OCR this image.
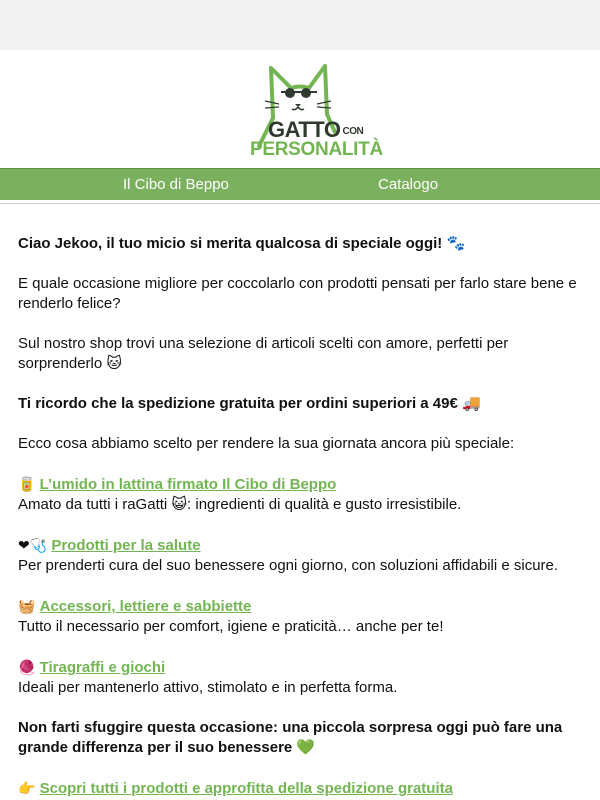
GATTO $^{CON}$
PERSONALITÀ
Il Cibo di Beppo	Catalogo

Ciao Jekoo, il tuo micio si merita qualcosa di speciale oggi! 🐾

E quale occasione migliore per coccolarlo con prodotti pensati per farlo stare bene e renderlo felice?

Sul nostro shop trovi una selezione di articoli scelti con amore, perfetti per sorprenderlo 🐱

Ti ricordo che la spedizione gratuita per ordini superiori a 49€ 🚚

Ecco cosa abbiamo scelto per rendere la sua giornata ancora più speciale:

🥫 L’umido in lattina firmato Il Cibo di Beppo

Amato da tutti i raGatti 😺: ingredienti di qualità e gusto irresistibile.

❤🩺 Prodotti per la salute

Per prenderti cura del suo benessere ogni giorno, con soluzioni affidabili e sicure.

🧺 Accessori, lettiere e sabbiette

Tutto il necessario per comfort, igiene e praticità… anche per te!

🧶 Tiragraffi e giochi

Ideali per mantenerlo attivo, stimolato e in perfetta forma.

Non farti sfuggire questa occasione: una piccola sorpresa oggi può fare una grande differenza per il suo benessere 💚

👉 Scopri tutti i prodotti e approfitta della spedizione gratuita
